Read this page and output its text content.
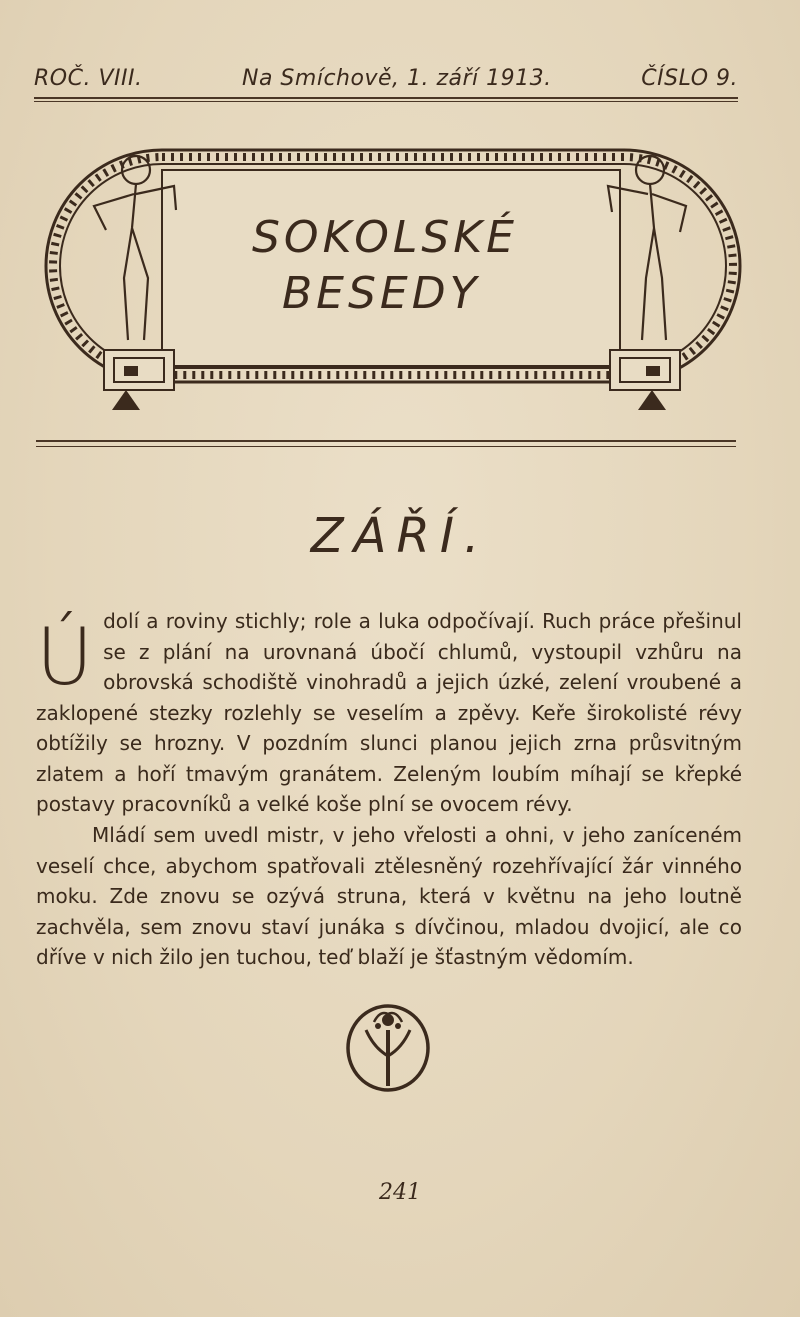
ROČ. VIII.	Na Smíchově, 1. září 1913.	ČÍSLO 9.
SOKOLSKÉ
BESEDY
ZÁŘÍ.
Ú dolí a roviny stichly; role a luka odpočívají. Ruch práce přešinul se z plání na urovnaná úbočí chlumů, vystoupil vzhůru na obrovská schodiště vinohradů a jejich úzké, zelení vroubené a zaklopené stezky rozlehly se veselím a zpěvy. Keře širokolisté révy obtížily se hrozny. V pozdním slunci planou jejich zrna průsvitným zlatem a hoří tmavým granátem. Zeleným loubím míhají se křepké postavy pracovníků a velké koše plní se ovocem révy.
Mládí sem uvedl mistr, v jeho vřelosti a ohni, v jeho zaníceném veselí chce, abychom spatřovali ztělesněný rozehřívající žár vinného moku. Zde znovu se ozývá struna, která v květnu na jeho loutně zachvěla, sem znovu staví junáka s dívčinou, mladou dvojicí, ale co dříve v nich žilo jen tuchou, teď blaží je šťastným vědomím.
241
